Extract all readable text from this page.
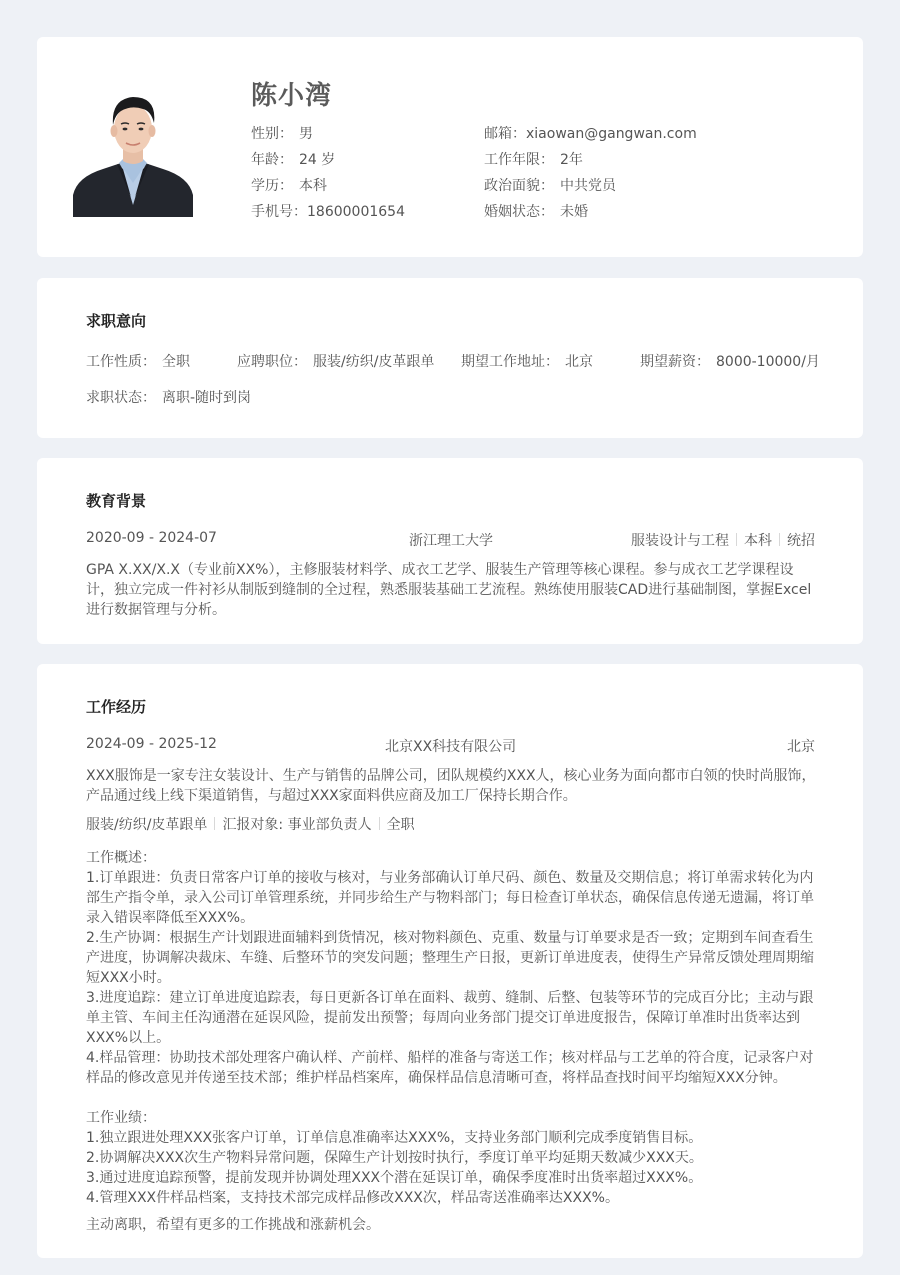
陈小湾
性别： 男	邮箱：xiaowan@gangwan.com
年龄： 24 岁	工作年限： 2年
学历： 本科	政治面貌： 中共党员
手机号：18600001654	婚姻状态： 未婚
求职意向
工作性质： 全职	应聘职位： 服装/纺织/皮革跟单 期望工作地址： 北京	期望薪资： 8000-10000/月
求职状态： 离职-随时到岗
教育背景
2020-09 - 2024-07	浙江理工大学	服装设计与工程 本科 统招
GPA X.XX/X.X（专业前XX%），主修服装材料学、成衣工艺学、服装生产管理等核心课程。参与成衣工艺学课程设
计，独立完成一件衬衫从制版到缝制的全过程，熟悉服装基础工艺流程。熟练使用服装CAD进行基础制图，掌握Excel
进行数据管理与分析。
工作经历
2024-09 - 2025-12	北京XX科技有限公司	北京
XXX服饰是一家专注女装设计、生产与销售的品牌公司，团队规模约XXX人，核心业务为面向都市白领的快时尚服饰，
产品通过线上线下渠道销售，与超过XXX家面料供应商及加工厂保持长期合作。
服装/纺织/皮革跟单 汇报对象: 事业部负责人 全职
工作概述：
1.订单跟进：负责日常客户订单的接收与核对，与业务部确认订单尺码、颜色、数量及交期信息；将订单需求转化为内
部生产指令单，录入公司订单管理系统，并同步给生产与物料部门；每日检查订单状态，确保信息传递无遗漏，将订单
录入错误率降低至XXX%。
2.生产协调：根据生产计划跟进面辅料到货情况，核对物料颜色、克重、数量与订单要求是否一致；定期到车间查看生
产进度，协调解决裁床、车缝、后整环节的突发问题；整理生产日报，更新订单进度表，使得生产异常反馈处理周期缩
短XXX小时。
3.进度追踪：建立订单进度追踪表，每日更新各订单在面料、裁剪、缝制、后整、包装等环节的完成百分比；主动与跟
单主管、车间主任沟通潜在延误风险，提前发出预警；每周向业务部门提交订单进度报告，保障订单准时出货率达到
XXX%以上。
4.样品管理：协助技术部处理客户确认样、产前样、船样的准备与寄送工作；核对样品与工艺单的符合度，记录客户对
样品的修改意见并传递至技术部；维护样品档案库，确保样品信息清晰可查，将样品查找时间平均缩短XXX分钟。
工作业绩：
1.独立跟进处理XXX张客户订单，订单信息准确率达XXX%，支持业务部门顺利完成季度销售目标。
2.协调解决XXX次生产物料异常问题，保障生产计划按时执行，季度订单平均延期天数减少XXX天。
3.通过进度追踪预警，提前发现并协调处理XXX个潜在延误订单，确保季度准时出货率超过XXX%。
4.管理XXX件样品档案，支持技术部完成样品修改XXX次，样品寄送准确率达XXX%。
主动离职，希望有更多的工作挑战和涨薪机会。
